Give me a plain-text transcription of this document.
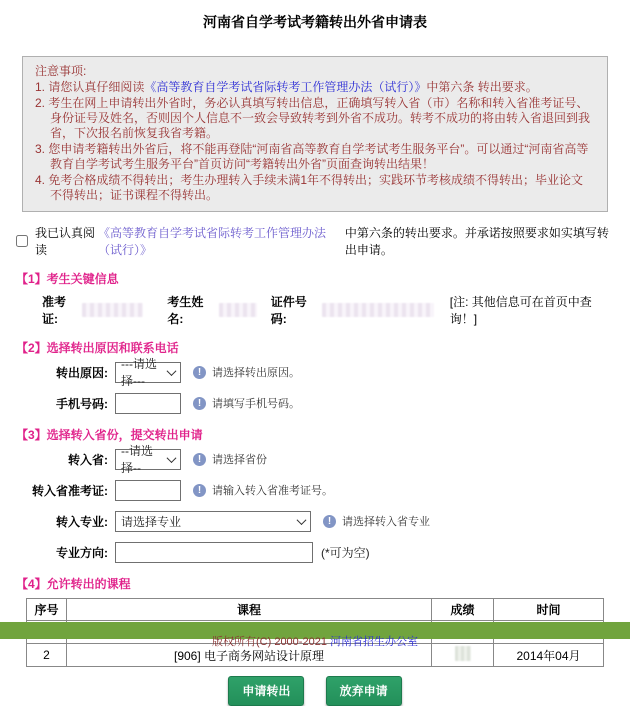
河南省自学考试考籍转出外省申请表
注意事项:
1. 请您认真仔细阅读《高等教育自学考试省际转考工作管理办法（试行）》中第六条 转出要求。
2. 考生在网上申请转出外省时，务必认真填写转出信息，正确填写转入省（市）名称和转入省准考证号、身份证号及姓名，否则因个人信息不一致会导致转考到外省不成功。转考不成功的将由转入省退回到我省，下次报名前恢复我省考籍。
3. 您申请考籍转出外省后，将不能再登陆“河南省高等教育自学考试考生服务平台”。可以通过“河南省高等教育自学考试考生服务平台”首页访问“考籍转出外省”页面查询转出结果！
4. 免考合格成绩不得转出；考生办理转入手续未满1年不得转出；实践环节考核成绩不得转出；毕业论文不得转出；证书课程不得转出。
我已认真阅读
《高等教育自学考试省际转考工作管理办法（试行）》
中第六条的转出要求。并承诺按照要求如实填写转出申请。
【1】考生关键信息
准考证:
考生姓名:
证件号码:
[注: 其他信息可在首页中查询！]
【2】选择转出原因和联系电话
转出原因:
---请选择---
!
请选择转出原因。
手机号码: !	请填写手机号码。
【3】选择转入省份，提交转出申请
转入省:
--请选择--
!
请选择省份
转入省准考证: !	请输入转入省准考证号。
转入专业: 请选择专业 !	请选择转入省专业
专业方向:	(*可为空)
【4】允许转出的课程
序号	课程	成绩	时间

2	[906] 电子商务网站设计原理		2014年04月
申请转出	放弃申请
版权所有(C) 2000-2021 河南省招生办公室
